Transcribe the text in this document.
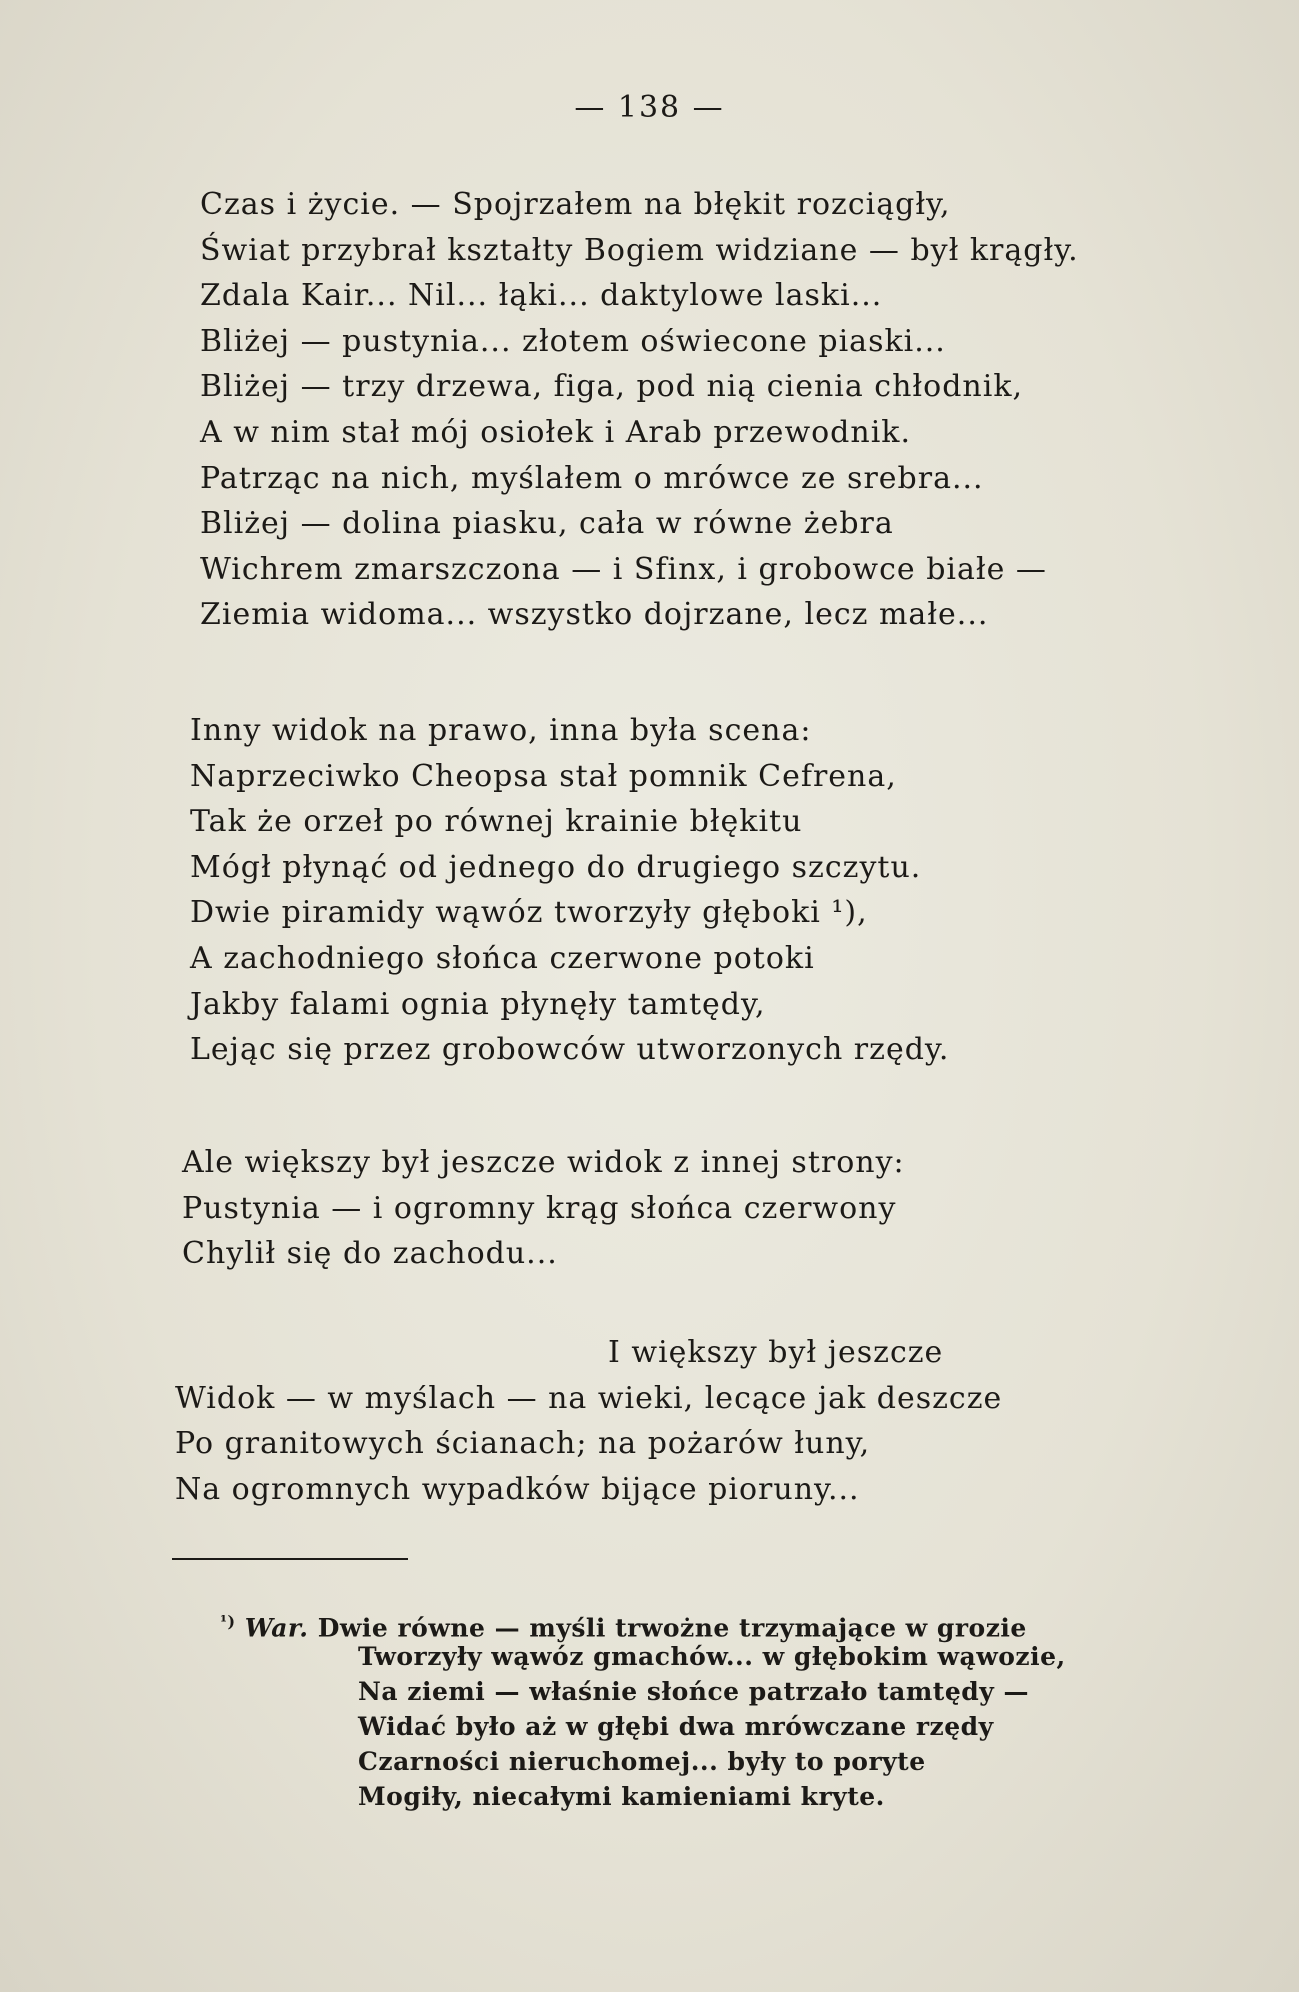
— 138 —
Czas i życie. — Spojrzałem na błękit rozciągły,
Świat przybrał kształty Bogiem widziane — był krągły.
Zdala Kair... Nil... łąki... daktylowe laski...
Bliżej — pustynia... złotem oświecone piaski...
Bliżej — trzy drzewa, figa, pod nią cienia chłodnik,
A w nim stał mój osiołek i Arab przewodnik.
Patrząc na nich, myślałem o mrówce ze srebra...
Bliżej — dolina piasku, cała w równe żebra
Wichrem zmarszczona — i Sfinx, i grobowce białe —
Ziemia widoma... wszystko dojrzane, lecz małe...
Inny widok na prawo, inna była scena:
Naprzeciwko Cheopsa stał pomnik Cefrena,
Tak że orzeł po równej krainie błękitu
Mógł płynąć od jednego do drugiego szczytu.
Dwie piramidy wąwóz tworzyły głęboki ¹),
A zachodniego słońca czerwone potoki
Jakby falami ognia płynęły tamtędy,
Lejąc się przez grobowców utworzonych rzędy.
Ale większy był jeszcze widok z innej strony:
Pustynia — i ogromny krąg słońca czerwony
Chylił się do zachodu...
I większy był jeszcze
Widok — w myślach — na wieki, lecące jak deszcze
Po granitowych ścianach; na pożarów łuny,
Na ogromnych wypadków bijące pioruny...
$^{^1)}$ War. Dwie równe — myśli trwożne trzymające w grozie
Tworzyły wąwóz gmachów... w głębokim wąwozie,
Na ziemi — właśnie słońce patrzało tamtędy —
Widać było aż w głębi dwa mrówczane rzędy
Czarności nieruchomej... były to poryte
Mogiły, niecałymi kamieniami kryte.
